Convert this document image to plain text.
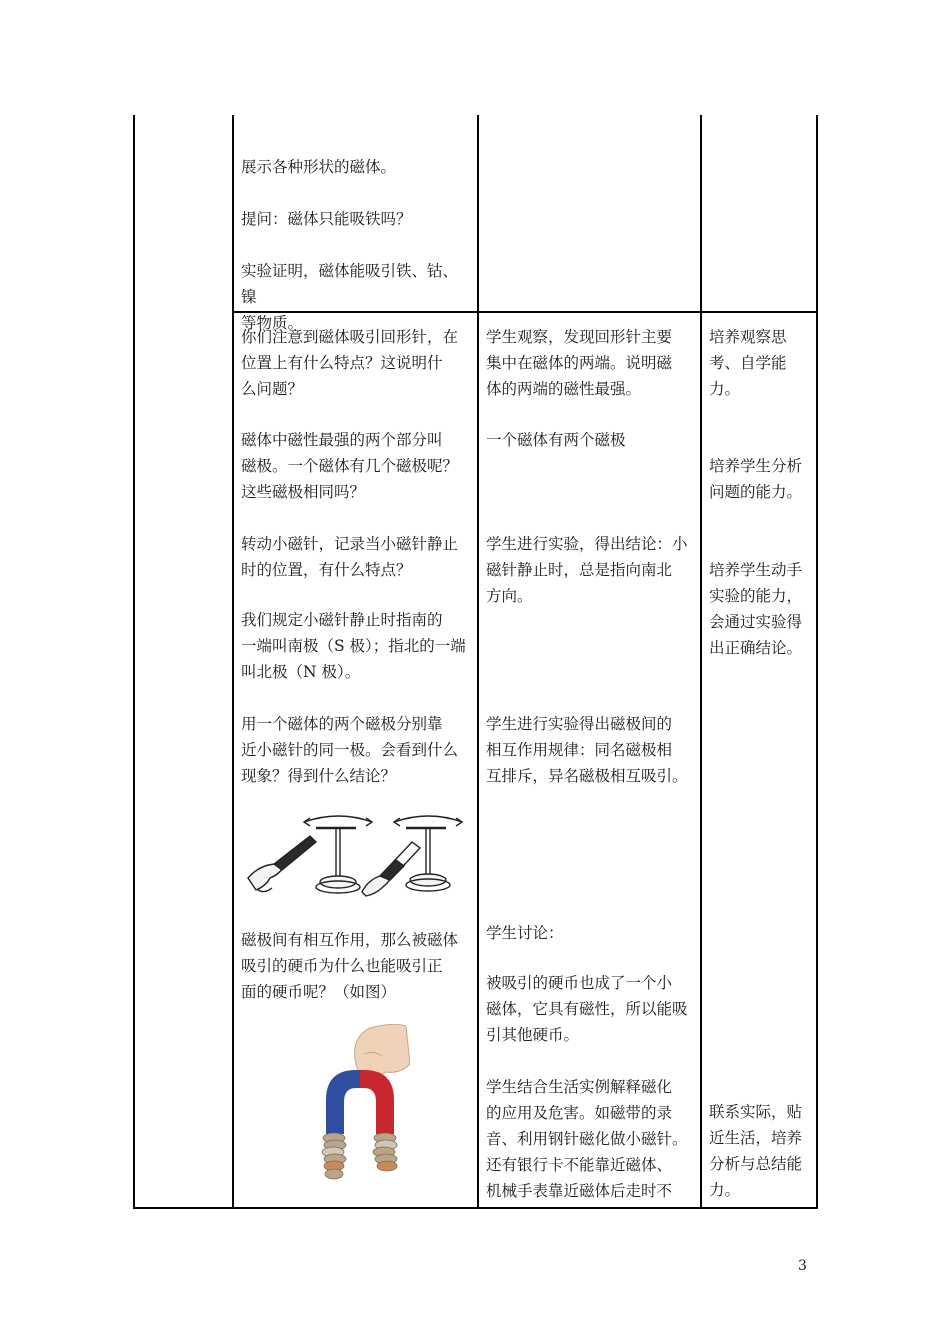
展示各种形状的磁体。

提问：磁体只能吸铁吗？

实验证明，磁体能吸引铁、钴、镍

等物质。

你们注意到磁体吸引回形针，在

位置上有什么特点？这说明什

么问题？

磁体中磁性最强的两个部分叫

磁极。一个磁体有几个磁极呢？

这些磁极相同吗？

转动小磁针，记录当小磁针静止

时的位置，有什么特点？

我们规定小磁针静止时指南的

一端叫南极（S 极）；指北的一端

叫北极（N 极）。

用一个磁体的两个磁极分别靠

近小磁针的同一极。会看到什么

现象？得到什么结论？

磁极间有相互作用，那么被磁体

吸引的硬币为什么也能吸引正

面的硬币呢？（如图）

学生观察，发现回形针主要

集中在磁体的两端。说明磁

体的两端的磁性最强。

一个磁体有两个磁极

学生进行实验，得出结论：小

磁针静止时，总是指向南北

方向。

学生进行实验得出磁极间的

相互作用规律：同名磁极相

互排斥，异名磁极相互吸引。

学生讨论：

被吸引的硬币也成了一个小

磁体，它具有磁性，所以能吸

引其他硬币。

学生结合生活实例解释磁化

的应用及危害。如磁带的录

音、利用钢针磁化做小磁针。

还有银行卡不能靠近磁体、

机械手表靠近磁体后走时不

培养观察思

考、自学能

力。

培养学生分析

问题的能力。

培养学生动手

实验的能力，

会通过实验得

出正确结论。

联系实际，贴

近生活，培养

分析与总结能

力。

3
